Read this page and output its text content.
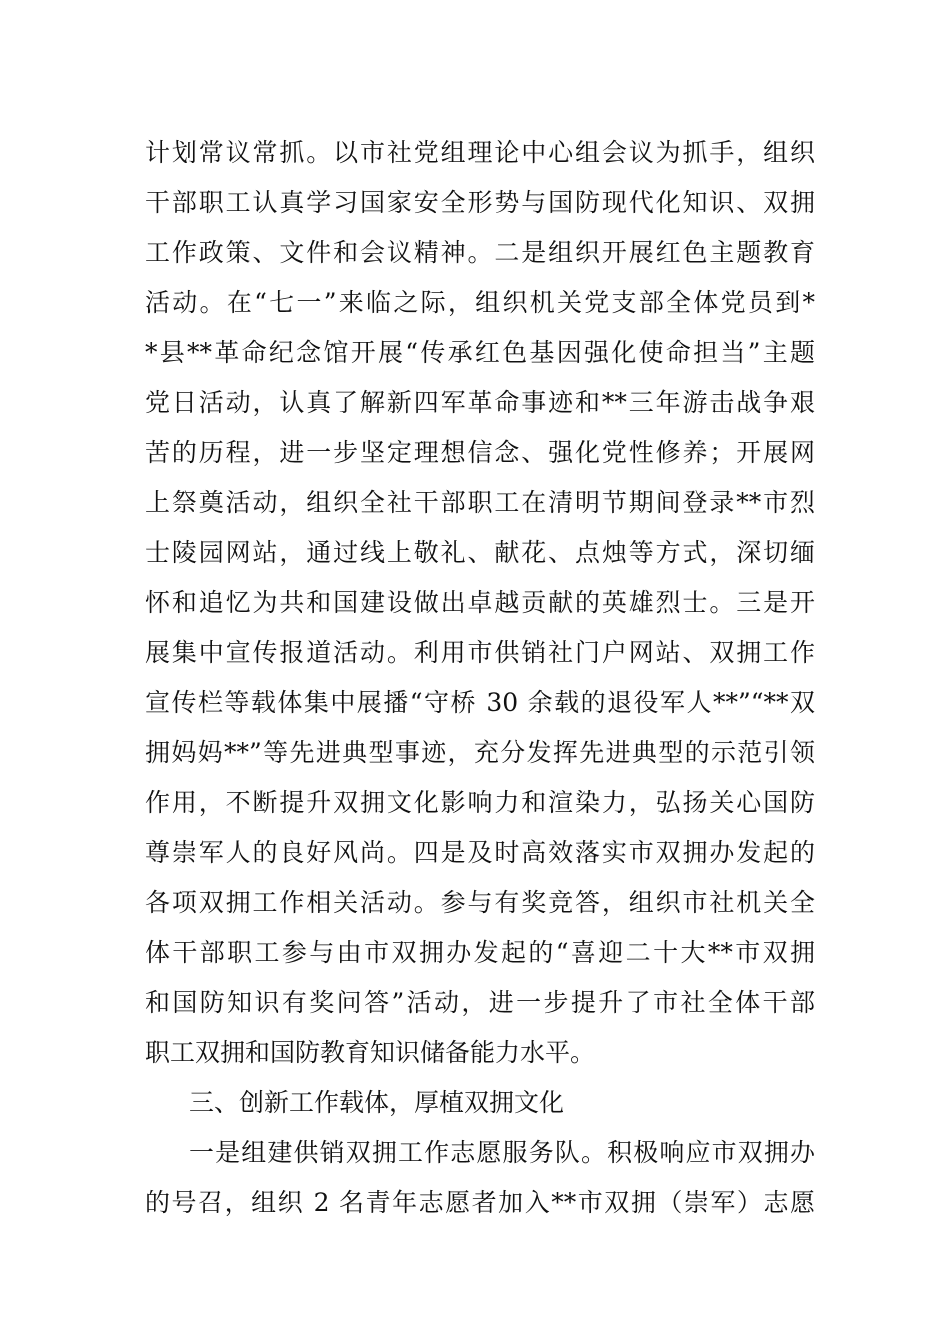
计划常议常抓。以市社党组理论中心组会议为抓手，组织
干部职工认真学习国家安全形势与国防现代化知识、双拥
工作政策、文件和会议精神。二是组织开展红色主题教育
活动。在“七一”来临之际，组织机关党支部全体党员到*
*县**革命纪念馆开展“传承红色基因强化使命担当”主题
党日活动，认真了解新四军革命事迹和**三年游击战争艰
苦的历程，进一步坚定理想信念、强化党性修养；开展网
上祭奠活动，组织全社干部职工在清明节期间登录**市烈
士陵园网站，通过线上敬礼、献花、点烛等方式，深切缅
怀和追忆为共和国建设做出卓越贡献的英雄烈士。三是开
展集中宣传报道活动。利用市供销社门户网站、双拥工作
宣传栏等载体集中展播“守桥 30 余载的退役军人**”“**双
拥妈妈**”等先进典型事迹，充分发挥先进典型的示范引领
作用，不断提升双拥文化影响力和渲染力，弘扬关心国防
尊崇军人的良好风尚。四是及时高效落实市双拥办发起的
各项双拥工作相关活动。参与有奖竞答，组织市社机关全
体干部职工参与由市双拥办发起的“喜迎二十大**市双拥
和国防知识有奖问答”活动，进一步提升了市社全体干部
职工双拥和国防教育知识储备能力水平。
三、创新工作载体，厚植双拥文化
一是组建供销双拥工作志愿服务队。积极响应市双拥办
的号召，组织 2 名青年志愿者加入**市双拥（崇军）志愿
